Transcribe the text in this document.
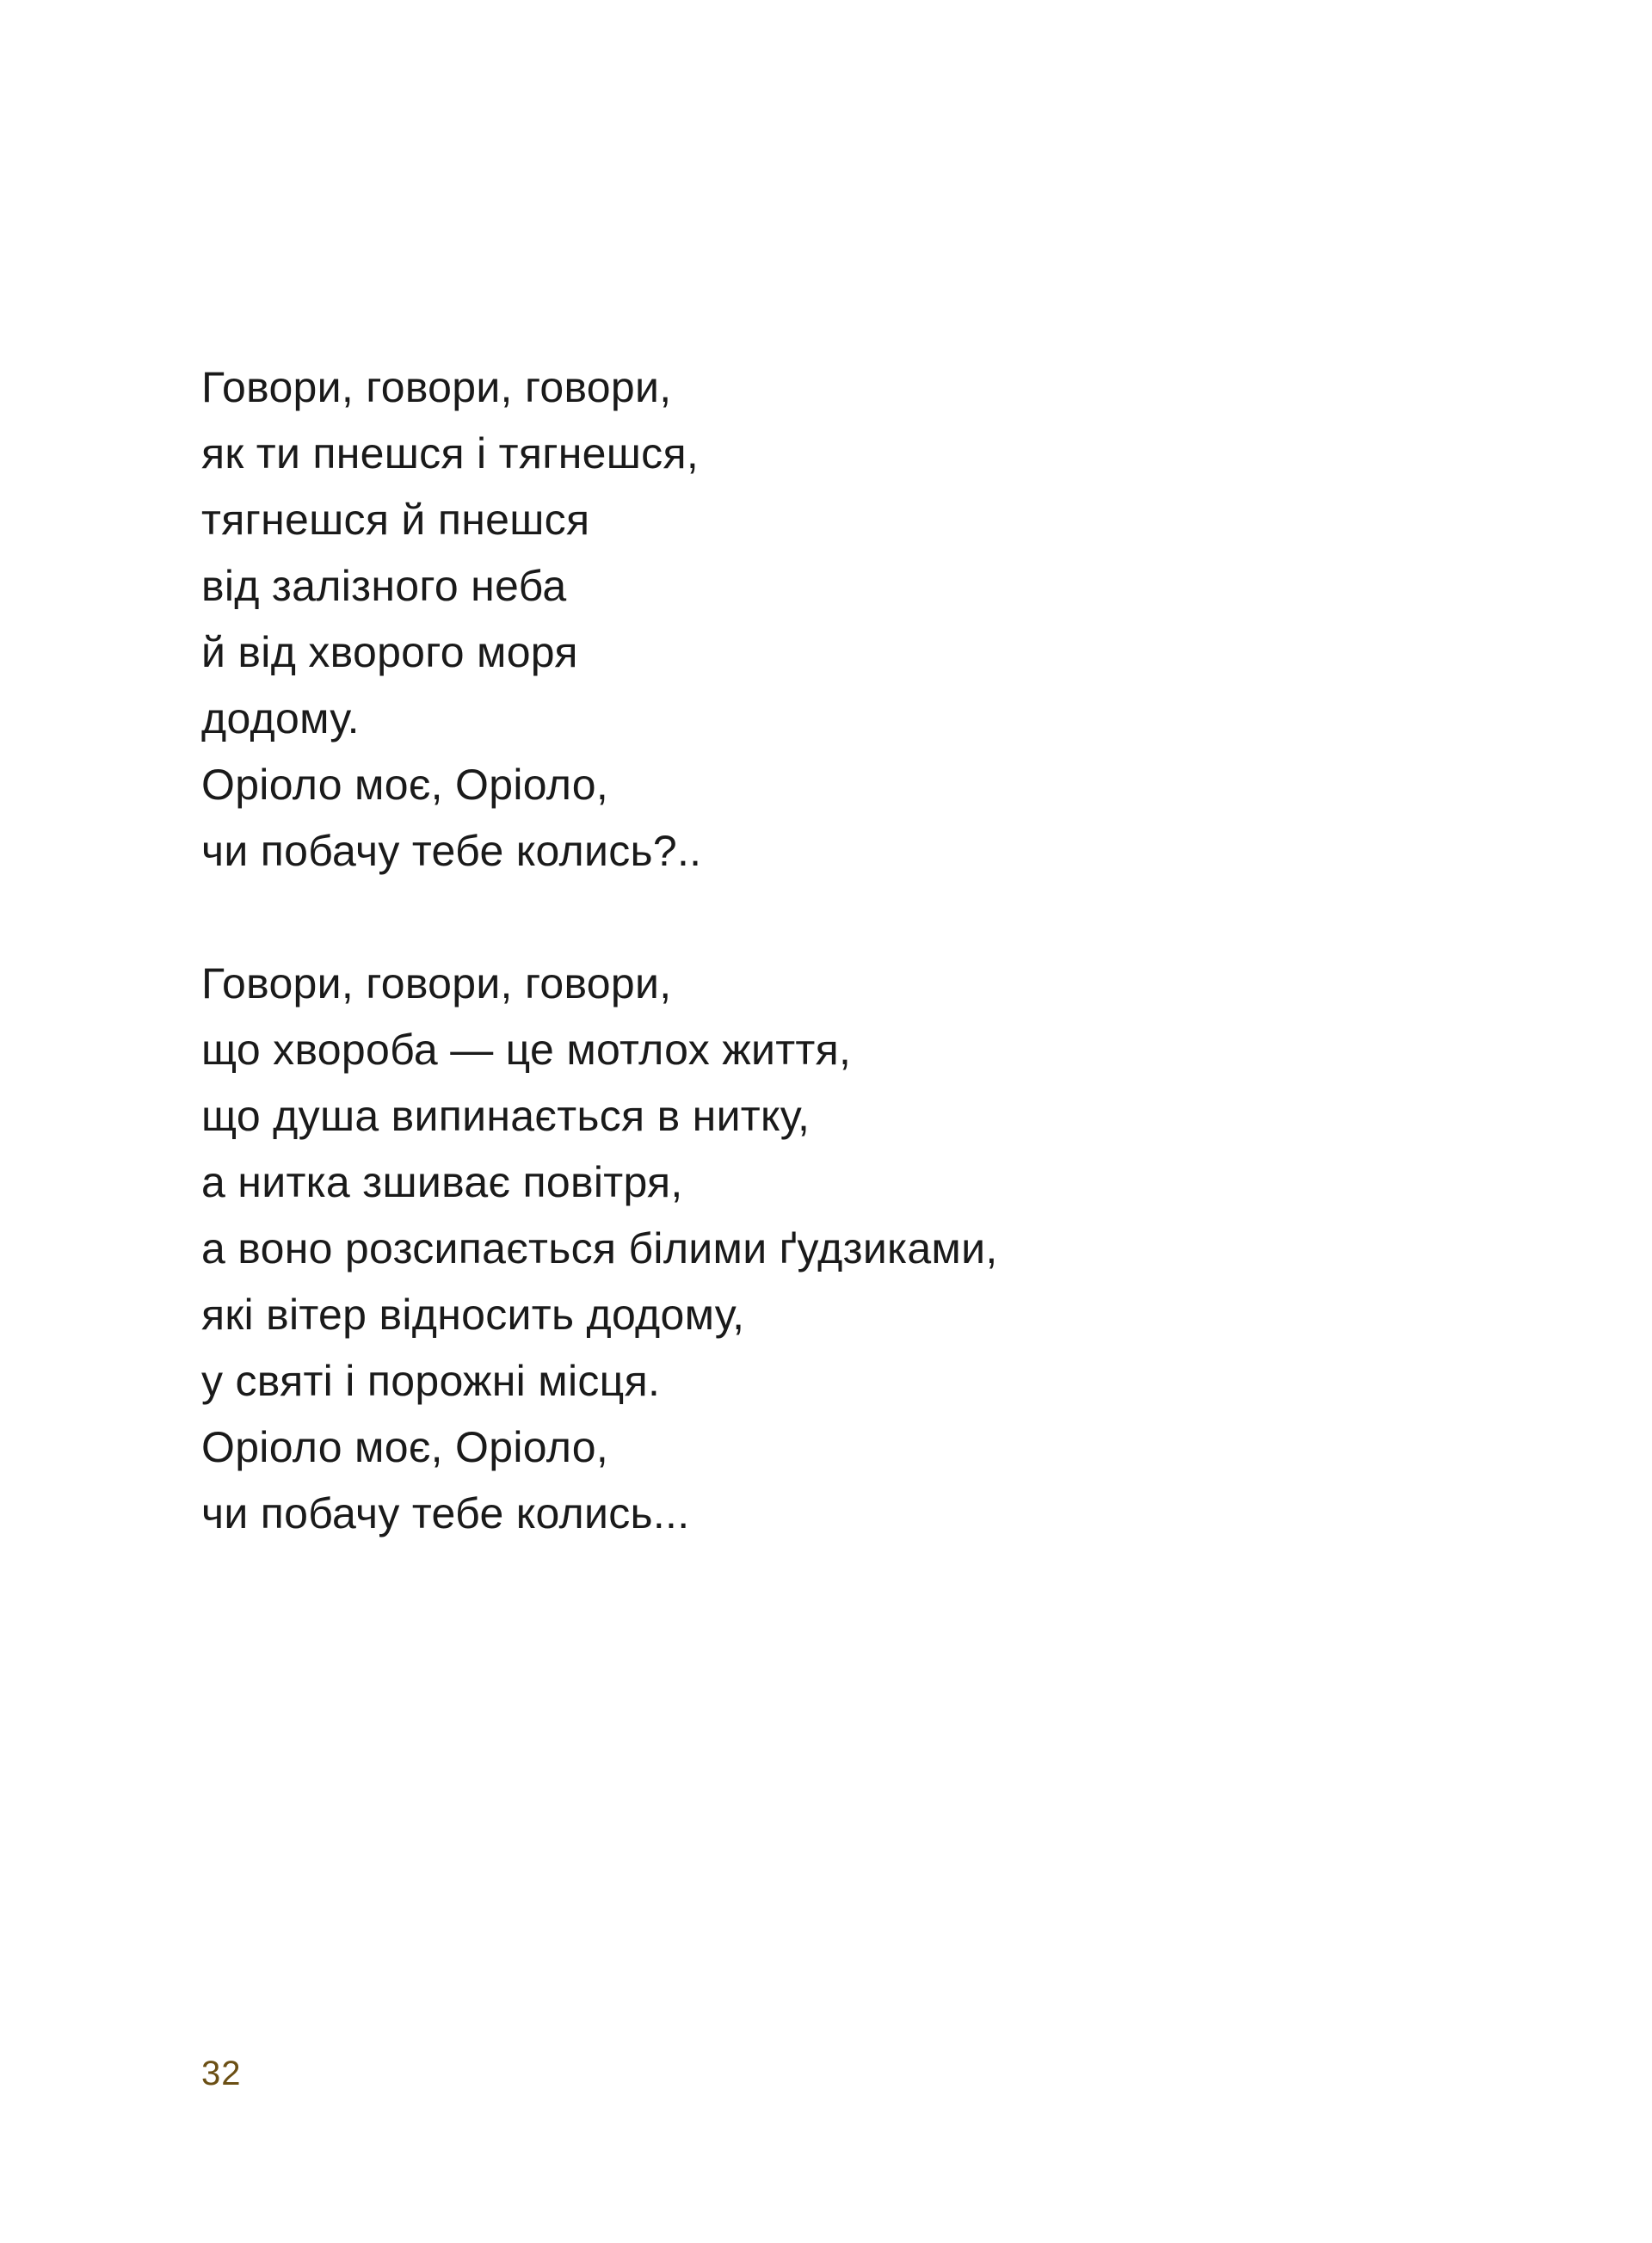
Говори, говори, говори,
як ти пнешся і тягнешся,
тягнешся й пнешся
від залізного неба
й від хворого моря
додому.
Оріоло моє, Оріоло,
чи побачу тебе колись?..
Говори, говори, говори,
що хвороба — це мотлох життя,
що душа випинається в нитку,
а нитка зшиває повітря,
а воно розсипається білими ґудзиками,
які вітер відносить додому,
у святі і порожні місця.
Оріоло моє, Оріоло,
чи побачу тебе колись...
32
